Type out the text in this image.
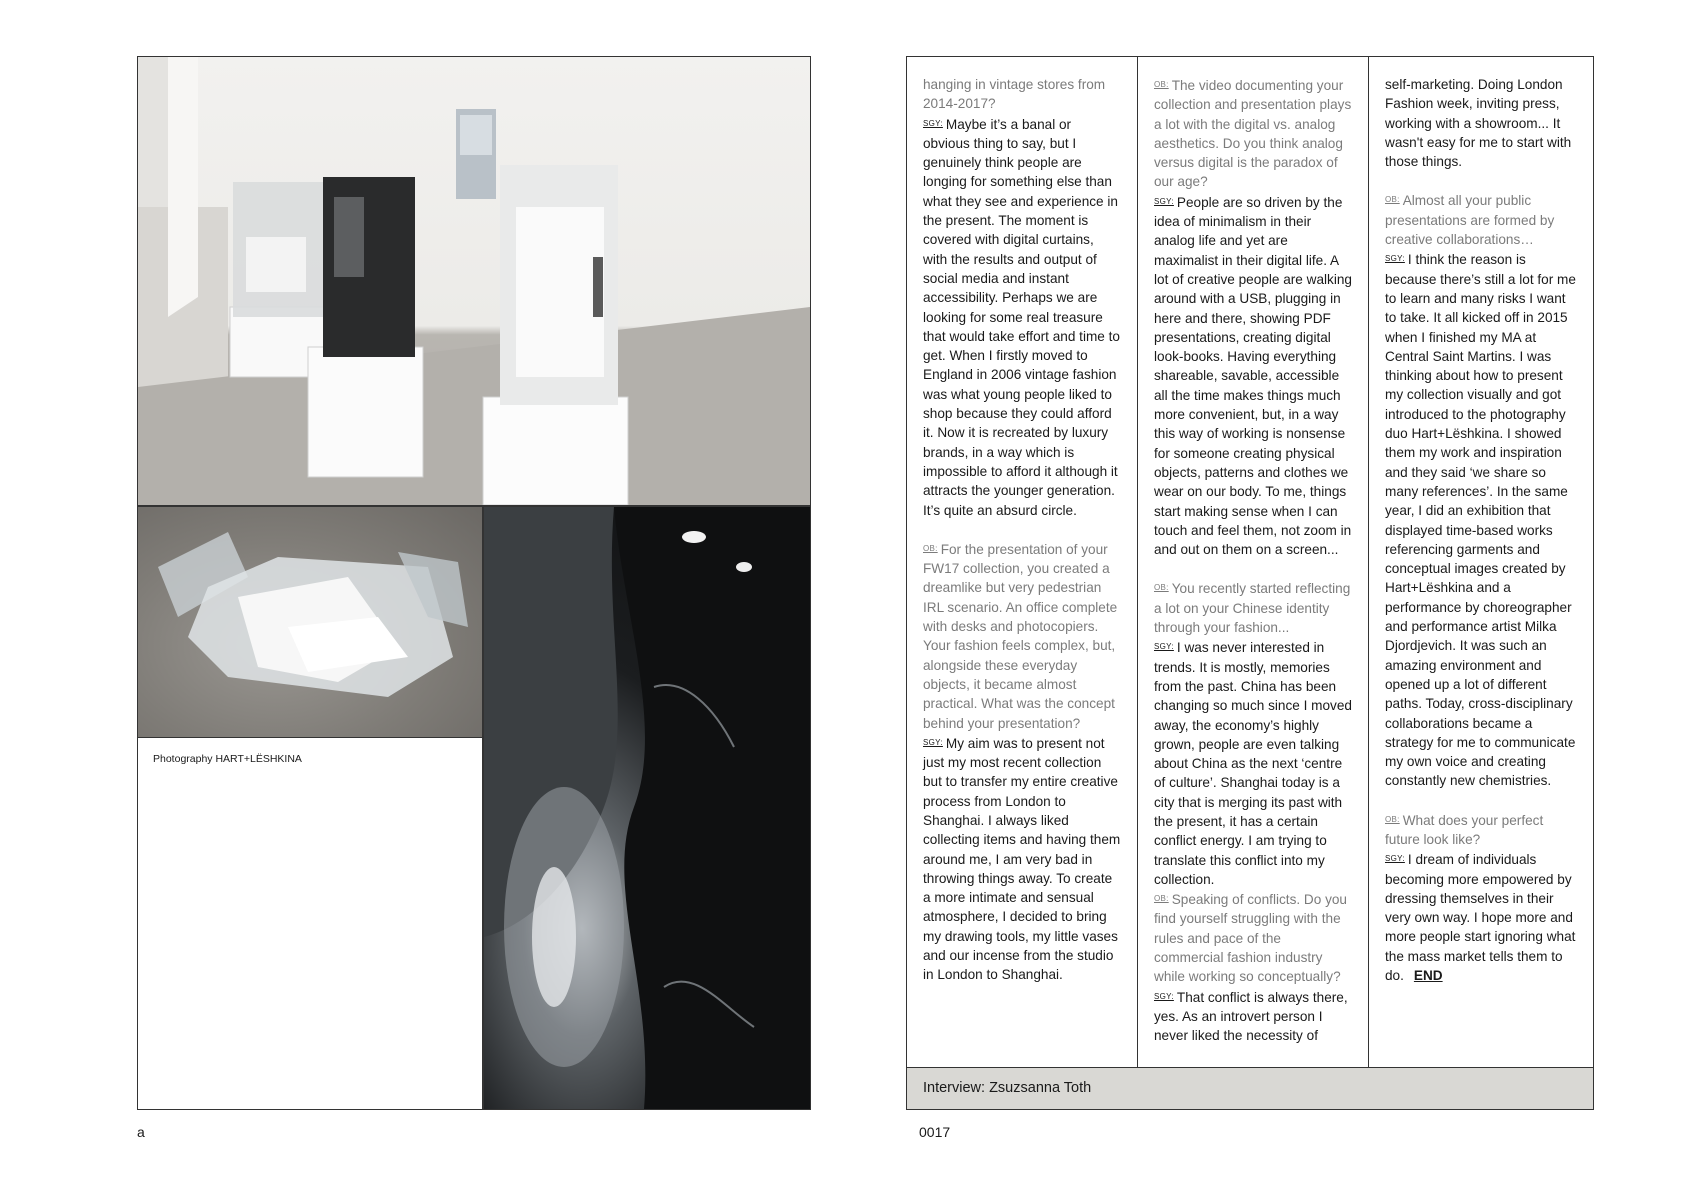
Photography HART+LËSHKINA
a

hanging in vintage stores from 2014-2017?

$^{SGY:}$ Maybe it’s a banal or obvious thing to say, but I genuinely think people are longing for something else than what they see and experience in the present. The moment is covered with digital curtains, with the results and output of social media and instant accessibility. Perhaps we are looking for some real treasure that would take effort and time to get. When I firstly moved to England in 2006 vintage fashion was what young people liked to shop because they could afford it. Now it is recreated by luxury brands, in a way which is impossible to afford it although it attracts the younger generation. It’s quite an absurd circle.

$^{OB:}$ For the presentation of your FW17 collection, you created a dreamlike but very pedestrian IRL scenario. An office complete with desks and photocopiers. Your fashion feels complex, but, alongside these everyday objects, it became almost practical. What was the concept behind your presentation?

$^{SGY:}$ My aim was to present not just my most recent collection but to transfer my entire creative process from London to Shanghai. I always liked collecting items and having them around me, I am very bad in throwing things away. To create a more intimate and sensual atmosphere, I decided to bring my drawing tools, my little vases and our incense from the studio in London to Shanghai.

$^{OB:}$ The video documenting your collection and presentation plays a lot with the digital vs. analog aesthetics. Do you think analog versus digital is the paradox of our age?

$^{SGY:}$ People are so driven by the idea of minimalism in their analog life and yet are maximalist in their digital life. A lot of creative people are walking around with a USB, plugging in here and there, showing PDF presentations, creating digital look-books. Having everything shareable, savable, accessible all the time makes things much more convenient, but, in a way this way of working is nonsense for someone creating physical objects, patterns and clothes we wear on our body. To me, things start making sense when I can touch and feel them, not zoom in and out on them on a screen...

$^{OB:}$ You recently started reflecting a lot on your Chinese identity through your fashion...

$^{SGY:}$ I was never interested in trends. It is mostly, memories from the past. China has been changing so much since I moved away, the economy’s highly grown, people are even talking about China as the next ‘centre of culture’. Shanghai today is a city that is merging its past with the present, it has a certain conflict energy. I am trying to translate this conflict into my collection.

$^{OB:}$ Speaking of conflicts. Do you find yourself struggling with the rules and pace of the commercial fashion industry while working so conceptually?

$^{SGY:}$ That conflict is always there, yes. As an introvert person I never liked the necessity of

self-marketing. Doing London Fashion week, inviting press, working with a showroom... It wasn't easy for me to start with those things.

$^{OB:}$ Almost all your public presentations are formed by creative collaborations…

$^{SGY:}$ I think the reason is because there’s still a lot for me to learn and many risks I want to take. It all kicked off in 2015 when I finished my MA at Central Saint Martins. I was thinking about how to present my collection visually and got introduced to the photography duo Hart+Lëshkina. I showed them my work and inspiration and they said ‘we share so many references’. In the same year, I did an exhibition that displayed time-based works referencing garments and conceptual images created by Hart+Lëshkina and a performance by choreographer and performance artist Milka Djordjevich. It was such an amazing environment and opened up a lot of different paths. Today, cross-disciplinary collaborations became a strategy for me to communicate my own voice and creating constantly new chemistries.

$^{OB:}$ What does your perfect future look like?

$^{SGY:}$ I dream of individuals becoming more empowered by dressing themselves in their very own way. I hope more and more people start ignoring what the mass market tells them to do. END

Interview: Zsuzsanna Toth
0017
